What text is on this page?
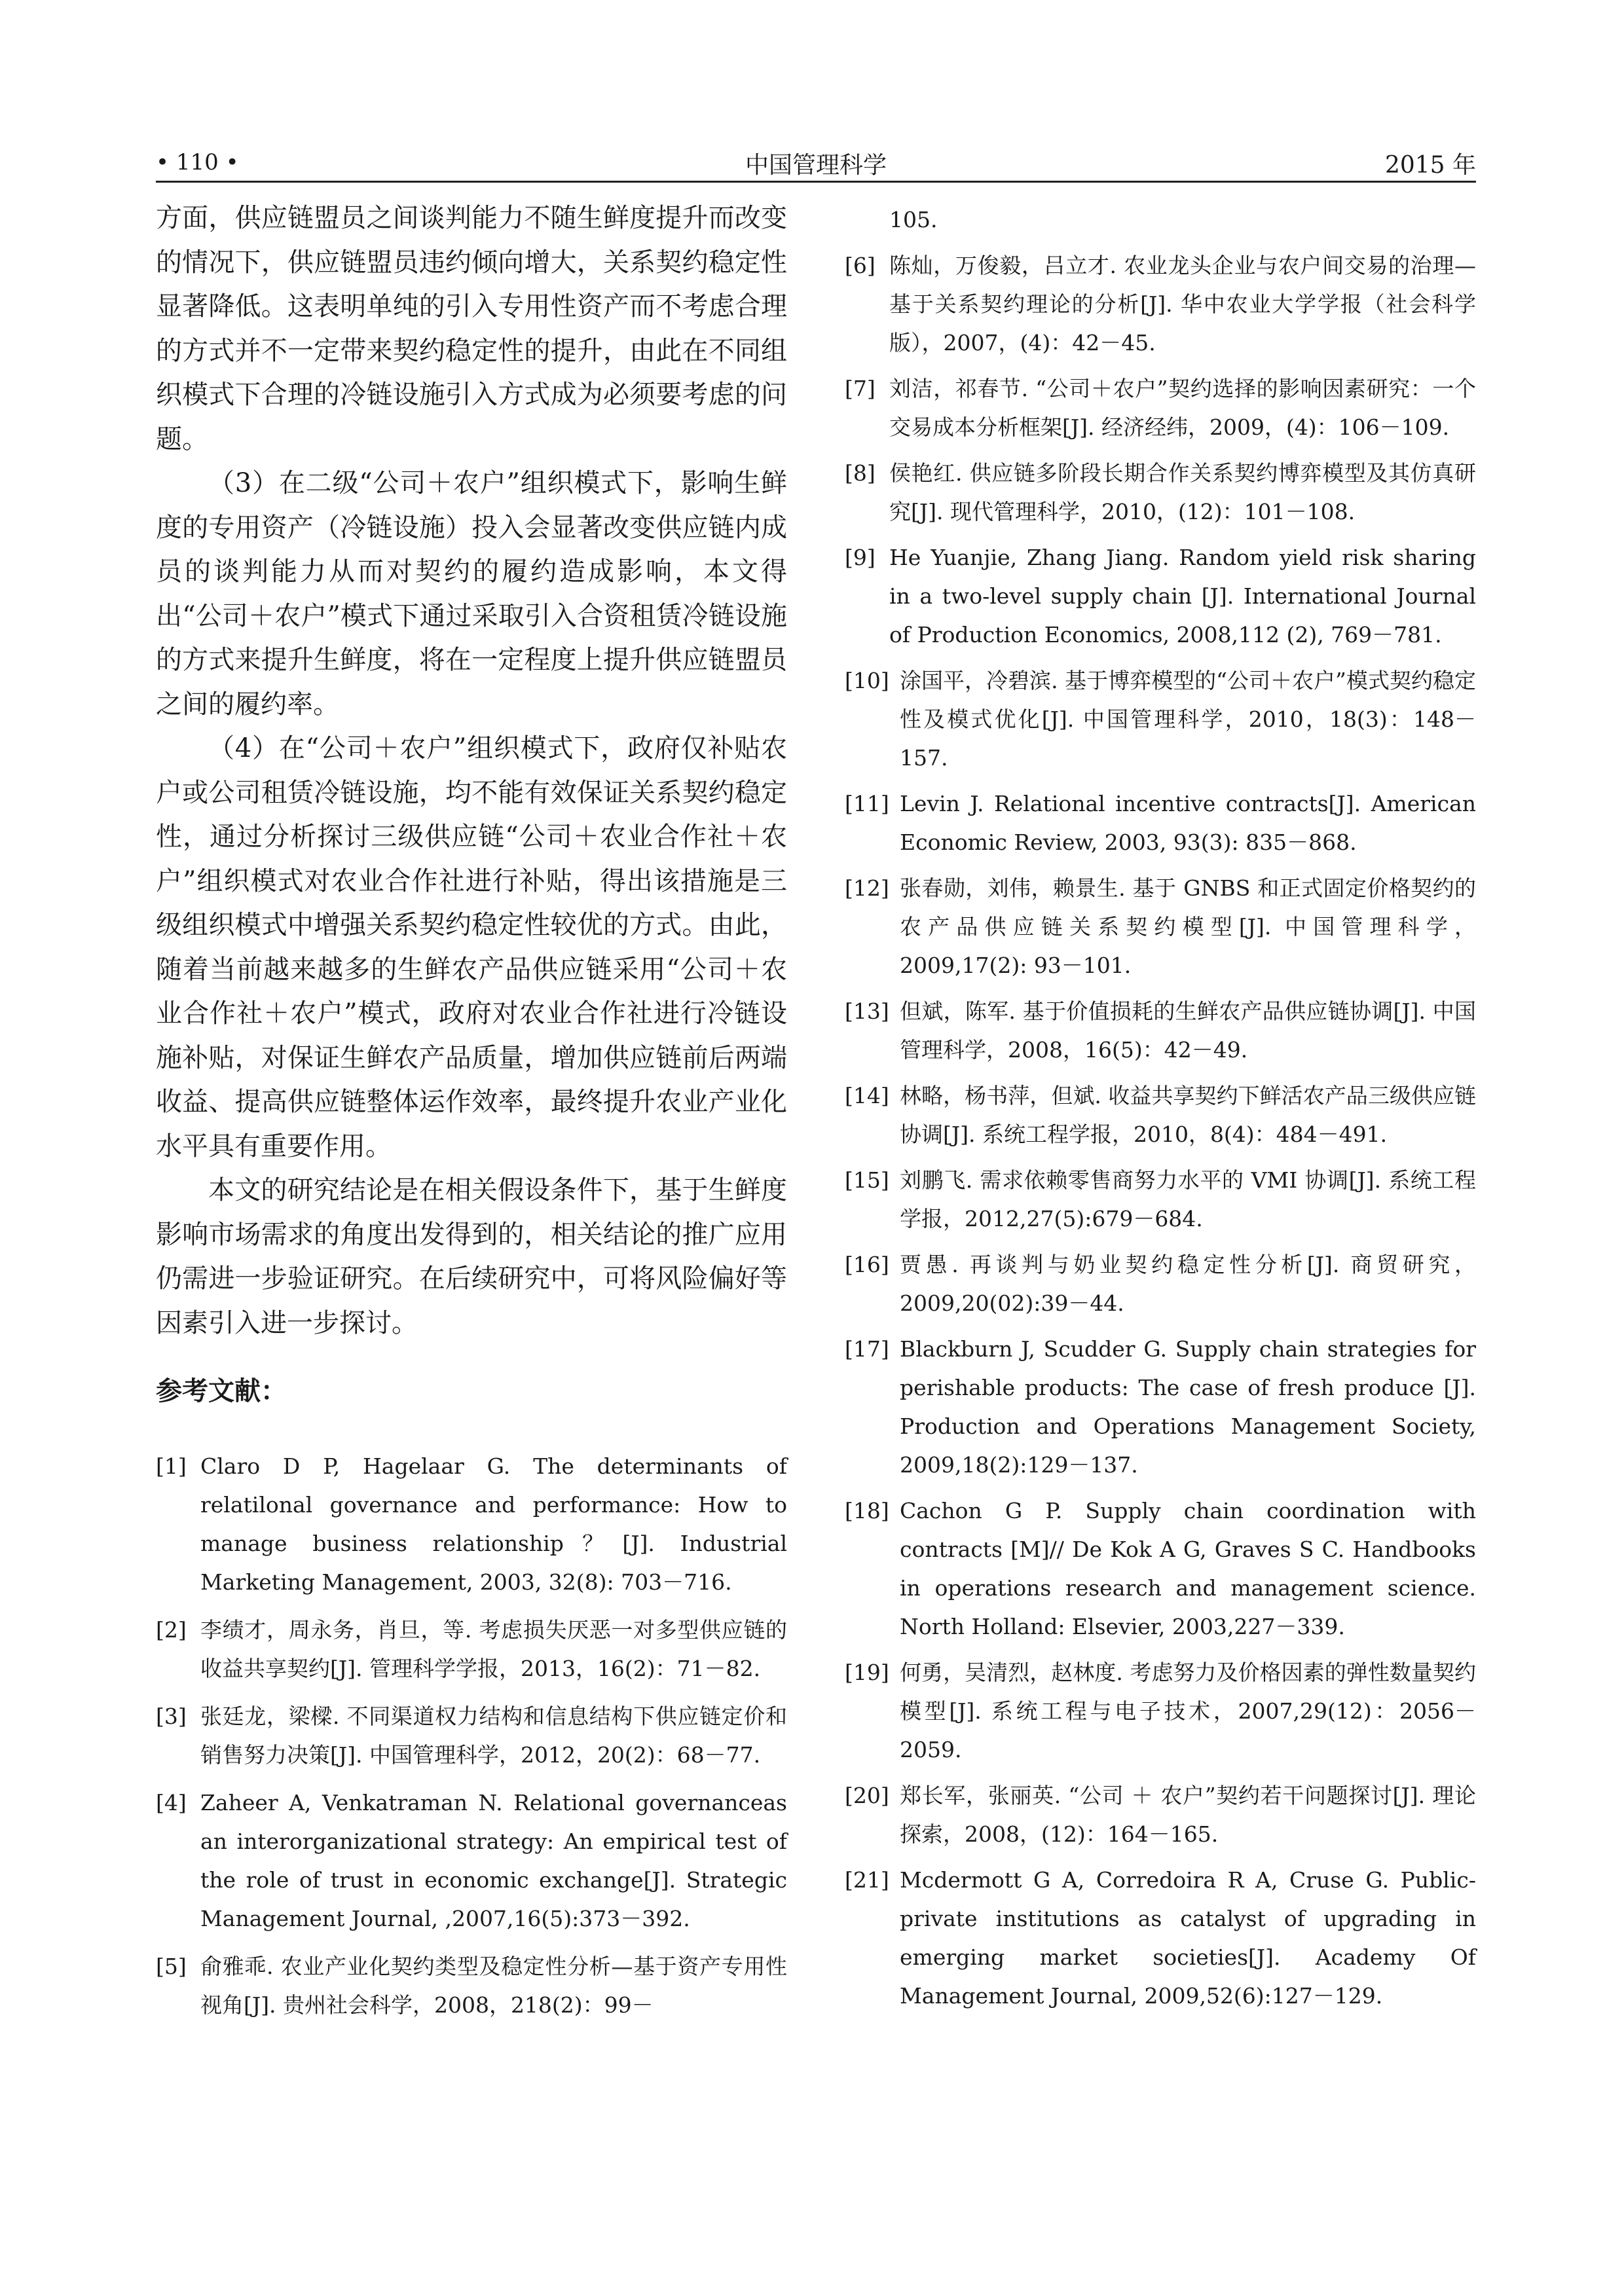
• 110 •	中国管理科学	2015 年

方面，供应链盟员之间谈判能力不随生鲜度提升而改变的情况下，供应链盟员违约倾向增大，关系契约稳定性显著降低。这表明单纯的引入专用性资产而不考虑合理的方式并不一定带来契约稳定性的提升，由此在不同组织模式下合理的冷链设施引入方式成为必须要考虑的问题。

（3）在二级“公司＋农户”组织模式下，影响生鲜度的专用资产（冷链设施）投入会显著改变供应链内成员的谈判能力从而对契约的履约造成影响，本文得出“公司＋农户”模式下通过采取引入合资租赁冷链设施的方式来提升生鲜度，将在一定程度上提升供应链盟员之间的履约率。

（4）在“公司＋农户”组织模式下，政府仅补贴农户或公司租赁冷链设施，均不能有效保证关系契约稳定性，通过分析探讨三级供应链“公司＋农业合作社＋农户”组织模式对农业合作社进行补贴，得出该措施是三级组织模式中增强关系契约稳定性较优的方式。由此，随着当前越来越多的生鲜农产品供应链采用“公司＋农业合作社＋农户”模式，政府对农业合作社进行冷链设施补贴，对保证生鲜农产品质量，增加供应链前后两端收益、提高供应链整体运作效率，最终提升农业产业化水平具有重要作用。

本文的研究结论是在相关假设条件下，基于生鲜度影响市场需求的角度出发得到的，相关结论的推广应用仍需进一步验证研究。在后续研究中，可将风险偏好等因素引入进一步探讨。

参考文献：
[1] Claro D P, Hagelaar G. The determinants of relatilonal governance and performance: How to manage business relationship？[J]. Industrial Marketing Management, 2003, 32(8): 703－716.
[2] 李绩才，周永务，肖旦，等. 考虑损失厌恶一对多型供应链的收益共享契约[J]. 管理科学学报，2013，16(2)：71－82.
[3] 张廷龙，梁樑. 不同渠道权力结构和信息结构下供应链定价和销售努力决策[J]. 中国管理科学，2012，20(2)：68－77.
[4] Zaheer A, Venkatraman N. Relational governanceas an interorganizational strategy: An empirical test of the role of trust in economic exchange[J]. Strategic Management Journal, ,2007,16(5):373－392.
[5] 俞雅乖. 农业产业化契约类型及稳定性分析—基于资产专用性视角[J]. 贵州社会科学，2008，218(2)：99－
105.
[6] 陈灿，万俊毅，吕立才. 农业龙头企业与农户间交易的治理—基于关系契约理论的分析[J]. 华中农业大学学报（社会科学版），2007，(4)：42－45.
[7] 刘洁，祁春节. “公司＋农户”契约选择的影响因素研究：一个交易成本分析框架[J]. 经济经纬，2009，(4)：106－109.
[8] 侯艳红. 供应链多阶段长期合作关系契约博弈模型及其仿真研究[J]. 现代管理科学，2010，(12)：101－108.
[9] He Yuanjie, Zhang Jiang. Random yield risk sharing in a two-level supply chain [J]. International Journal of Production Economics, 2008,112 (2), 769－781.
[10] 涂国平，冷碧滨. 基于博弈模型的“公司＋农户”模式契约稳定性及模式优化[J]. 中国管理科学，2010，18(3)：148－157.
[11] Levin J. Relational incentive contracts[J]. American Economic Review, 2003, 93(3): 835－868.
[12] 张春勋，刘伟，赖景生. 基于 GNBS 和正式固定价格契约的农产品供应链关系契约模型[J]. 中国管理科学，2009,17(2): 93－101.
[13] 但斌，陈军. 基于价值损耗的生鲜农产品供应链协调[J]. 中国管理科学，2008，16(5)：42－49.
[14] 林略，杨书萍，但斌. 收益共享契约下鲜活农产品三级供应链协调[J]. 系统工程学报，2010，8(4)：484－491.
[15] 刘鹏飞. 需求依赖零售商努力水平的 VMI 协调[J]. 系统工程学报，2012,27(5):679－684.
[16] 贾愚. 再谈判与奶业契约稳定性分析[J]. 商贸研究，2009,20(02):39－44.
[17] Blackburn J, Scudder G. Supply chain strategies for perishable products: The case of fresh produce [J]. Production and Operations Management Society, 2009,18(2):129－137.
[18] Cachon G P. Supply chain coordination with contracts [M]// De Kok A G, Graves S C. Handbooks in operations research and management science. North Holland: Elsevier, 2003,227－339.
[19] 何勇，吴清烈，赵林度. 考虑努力及价格因素的弹性数量契约模型[J]. 系统工程与电子技术，2007,29(12)：2056－2059.
[20] 郑长军，张丽英. “公司 ＋ 农户”契约若干问题探讨[J]. 理论探索，2008，(12)：164－165.
[21] Mcdermott G A, Corredoira R A, Cruse G. Public-private institutions as catalyst of upgrading in emerging market societies[J]. Academy Of Management Journal, 2009,52(6):127－129.
